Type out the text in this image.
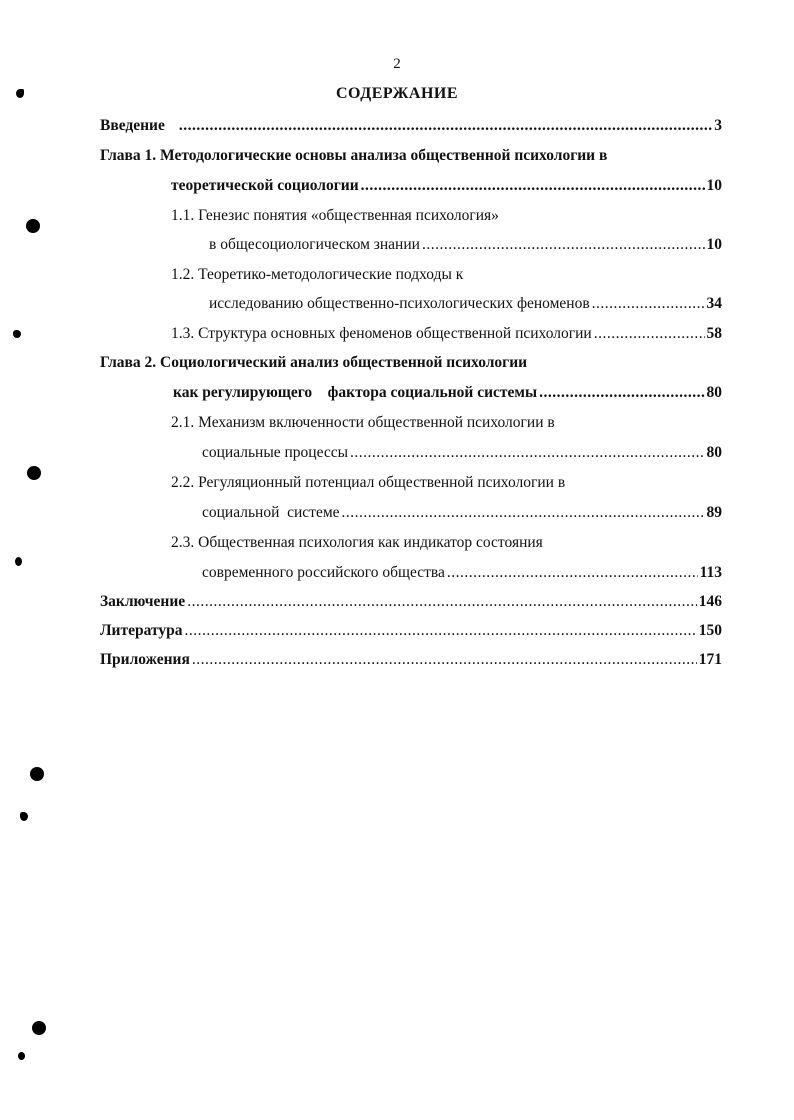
2
СОДЕРЖАНИЕ
Введение .....	3
Глава 1. Методологические основы анализа общественной психологии в
теоретической социологии .....	10
1.1. Генезис понятия «общественная психология»
в общесоциологическом знании .....	10
1.2. Теоретико-методологические подходы к
исследованию общественно-психологических феноменов .....	34
1.3. Структура основных феноменов общественной психологии .....	58
Глава 2. Социологический анализ общественной психологии
как регулирующего    фактора социальной системы .....	80
2.1. Механизм включенности общественной психологии в
социальные процессы .....	80
2.2. Регуляционный потенциал общественной психологии в
социальной  системе .....	89
2.3. Общественная психология как индикатор состояния
современного российского общества .....	113
Заключение .....	146
Литература .....	150
Приложения .....	171
